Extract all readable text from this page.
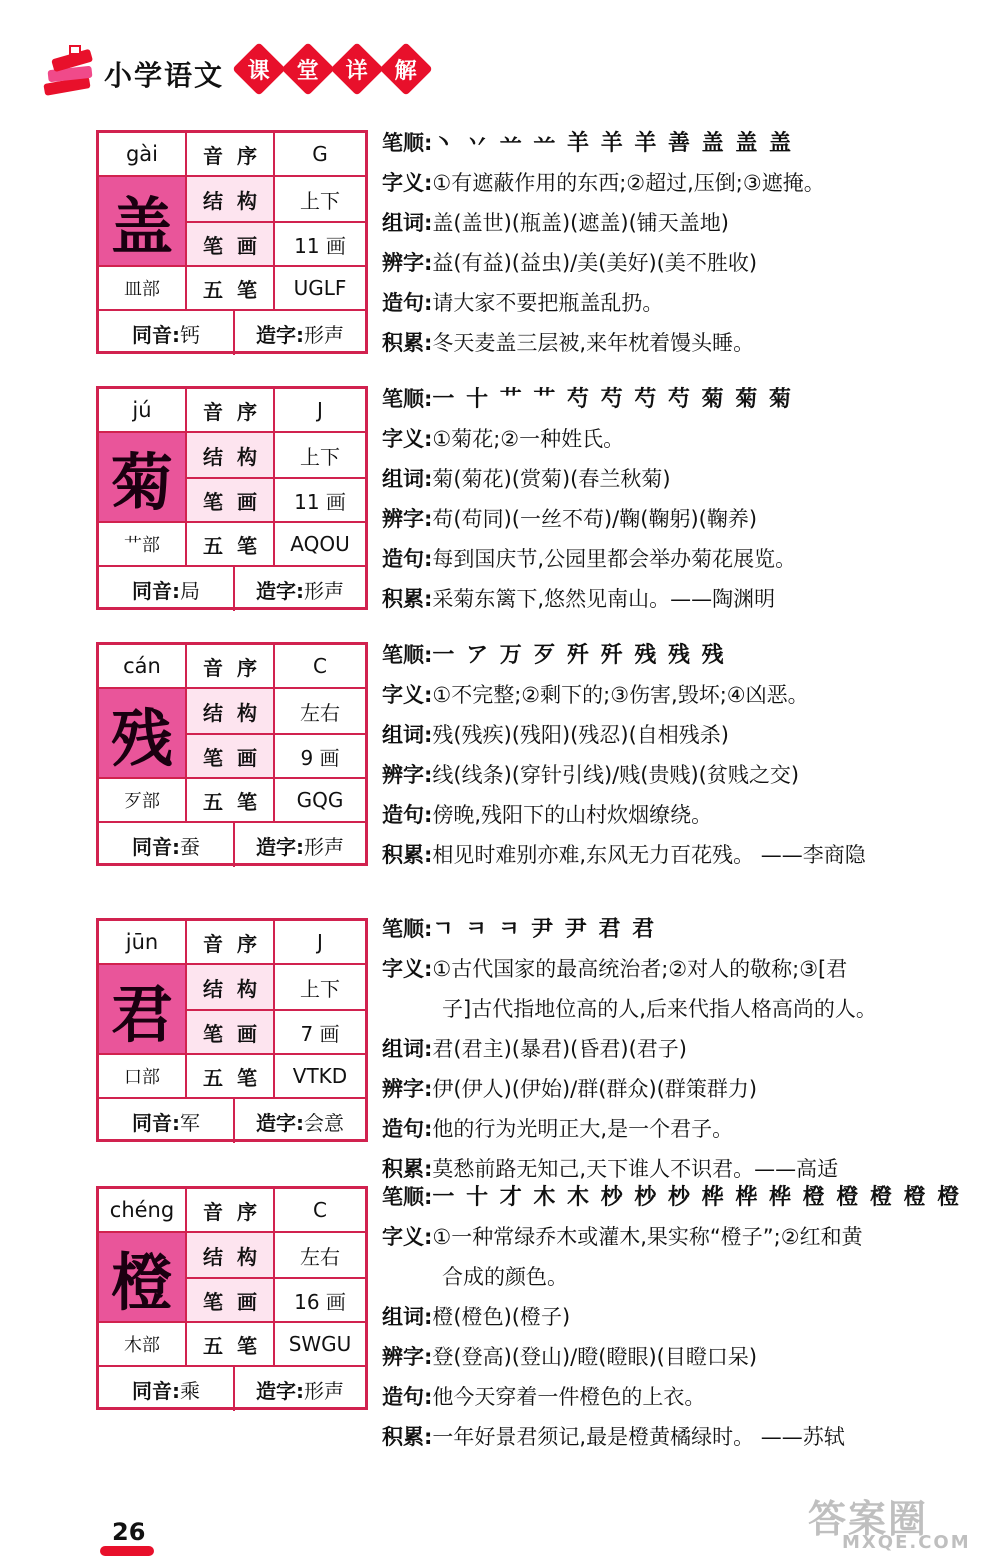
小学语文 课 堂 详 解
gài	音序	G
盖	结构	上下
笔画	11 画
皿部	五笔	UGLF
同音: 钙	造字: 形声
笔顺:丶 丷 䒑 䒑 羊 羊 羊 善 盖 盖 盖
字义:①有遮蔽作用的东西;②超过,压倒;③遮掩。
组词:盖(盖世)(瓶盖)(遮盖)(铺天盖地)
辨字:益(有益)(益虫)/美(美好)(美不胜收)
造句:请大家不要把瓶盖乱扔。
积累:冬天麦盖三层被,来年枕着馒头睡。
jú	音序	J
菊	结构	上下
笔画	11 画
艹部	五笔 AQOU
同音: 局	造字: 形声
笔顺:一 十 艹 艹 芍 芍 芍 芍 菊 菊 菊
字义:①菊花;②一种姓氏。
组词:菊(菊花)(赏菊)(春兰秋菊)
辨字:苟(苟同)(一丝不苟)/鞠(鞠躬)(鞠养)
造句:每到国庆节,公园里都会举办菊花展览。
积累:采菊东篱下,悠然见南山。——陶渊明
cán	音序	C
残	结构	左右
笔画	9 画
歹部	五笔	GQG
同音: 蚕	造字: 形声
笔顺:一 ア 万 歹 歼 歼 残 残 残
字义:①不完整;②剩下的;③伤害,毁坏;④凶恶。
组词:残(残疾)(残阳)(残忍)(自相残杀)
辨字:线(线条)(穿针引线)/贱(贵贱)(贫贱之交)
造句:傍晚,残阳下的山村炊烟缭绕。
积累:相见时难别亦难,东风无力百花残。 ——李商隐
jūn	音序	J
君	结构	上下
笔画	7 画
口部	五笔	VTKD
同音: 军	造字: 会意
笔顺:ㄱ ㅋ ㅋ 尹 尹 君 君
字义:①古代国家的最高统治者;②对人的敬称;③[君
子]古代指地位高的人,后来代指人格高尚的人。
组词:君(君主)(暴君)(昏君)(君子)
辨字:伊(伊人)(伊始)/群(群众)(群策群力)
造句:他的行为光明正大,是一个君子。
积累:莫愁前路无知己,天下谁人不识君。——高适
chéng	音序	C
橙	结构	左右
笔画	16 画
木部	五笔 SWGU
同音: 乘	造字: 形声
笔顺:一 十 才 木 木 杪 杪 杪 桦 桦 桦 橙 橙 橙 橙 橙
字义:①一种常绿乔木或灌木,果实称“橙子”;②红和黄
合成的颜色。
组词:橙(橙色)(橙子)
辨字:登(登高)(登山)/瞪(瞪眼)(目瞪口呆)
造句:他今天穿着一件橙色的上衣。
积累:一年好景君须记,最是橙黄橘绿时。 ——苏轼
26	答案圈
MXQE.COM
